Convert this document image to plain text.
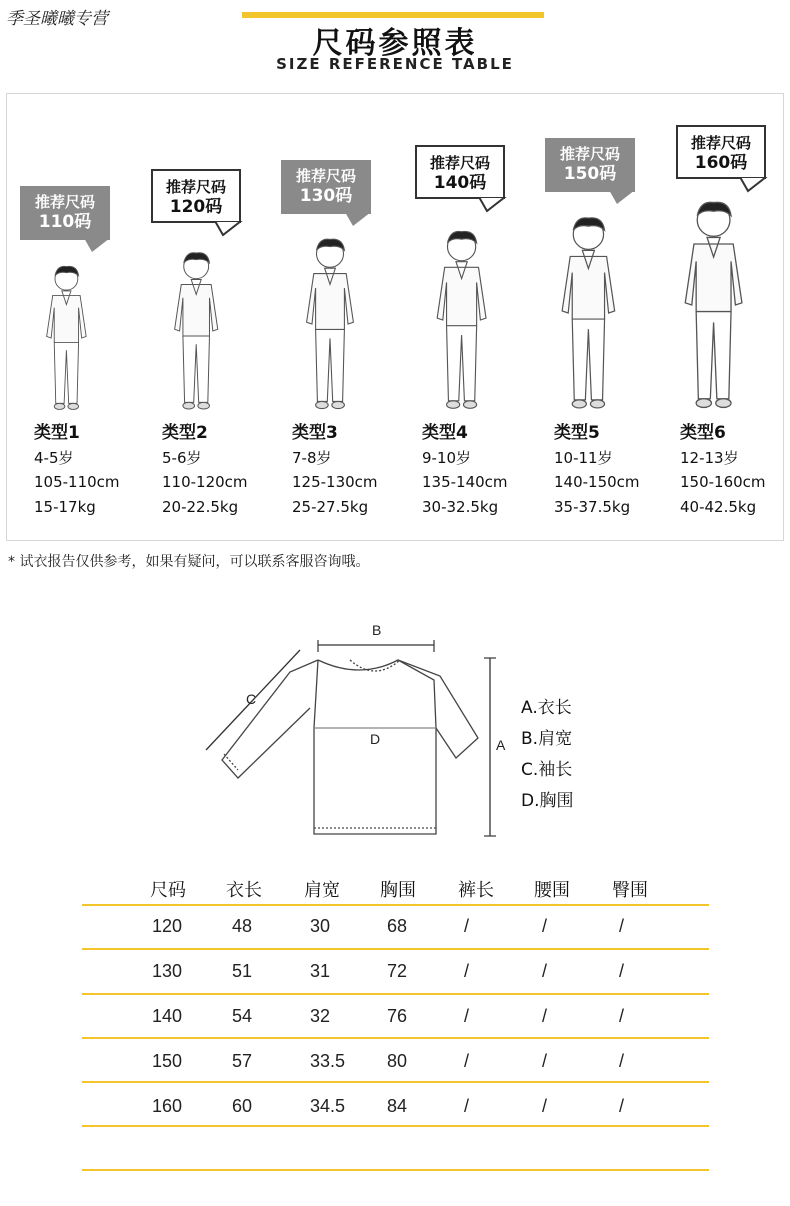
季圣曦曦专营
尺码参照表
SIZE REFERENCE TABLE
推荐尺码
110码
类型1
4-5岁
105-110cm
15-17kg
推荐尺码
120码
类型2
5-6岁
110-120cm
20-22.5kg
推荐尺码
130码
类型3
7-8岁
125-130cm
25-27.5kg
推荐尺码
140码
类型4
9-10岁
135-140cm
30-32.5kg
推荐尺码
150码
类型5
10-11岁
140-150cm
35-37.5kg
推荐尺码
160码
类型6
12-13岁
150-160cm
40-42.5kg
* 试衣报告仅供参考，如果有疑问，可以联系客服咨询哦。
B
A
C
D
A.衣长
B.肩宽
C.袖长
D.胸围
尺码 衣长 肩宽 胸围 裤长 腰围 臀围
120	48	30	68	/	/	/
130	51	31	72	/	/	/
140	54	32	76	/	/	/
150	57	33.5 80	/	/	/
160	60	34.5 84	/	/	/
